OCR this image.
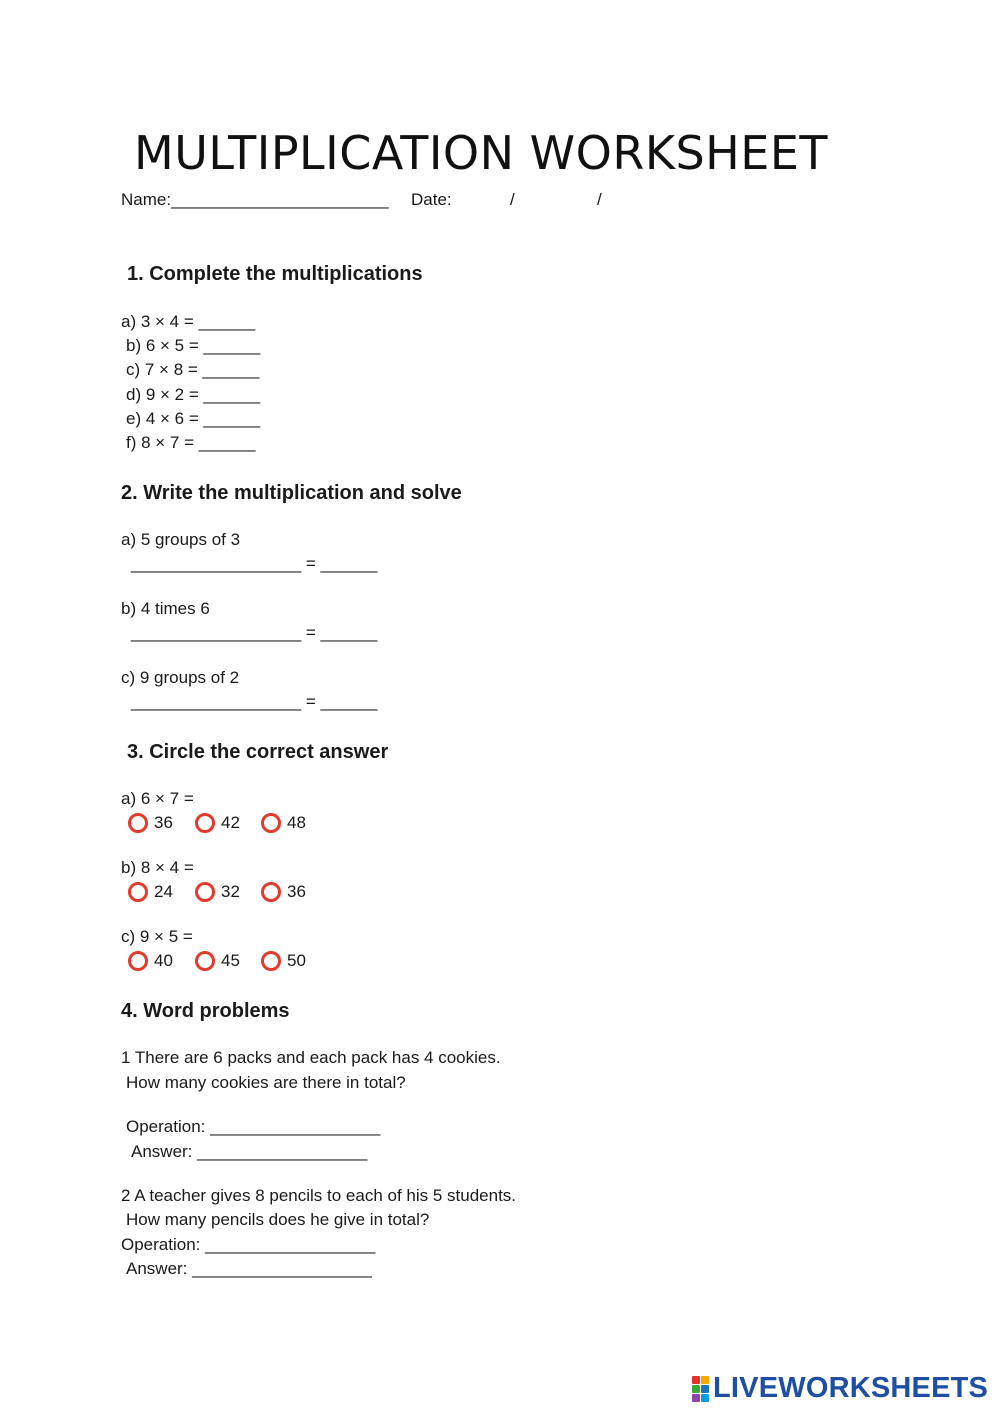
MULTIPLICATION WORKSHEET
Name:_______________________ Date:	/	/
1. Complete the multiplications
a) 3 × 4 = ______
b) 6 × 5 = ______
c) 7 × 8 = ______
d) 9 × 2 = ______
e) 4 × 6 = ______
f) 8 × 7 = ______
2. Write the multiplication and solve
a) 5 groups of 3
__________________ = ______
b) 4 times 6
__________________ = ______
c) 9 groups of 2
__________________ = ______
3. Circle the correct answer
a) 6 × 7 =
36	42	48
b) 8 × 4 =
24	32	36
c) 9 × 5 =
40	45	50
4. Word problems
1 There are 6 packs and each pack has 4 cookies.
How many cookies are there in total?
Operation: __________________
Answer: __________________
2 A teacher gives 8 pencils to each of his 5 students.
How many pencils does he give in total?
Operation: __________________
Answer: ___________________
LIVEWORKSHEETS
